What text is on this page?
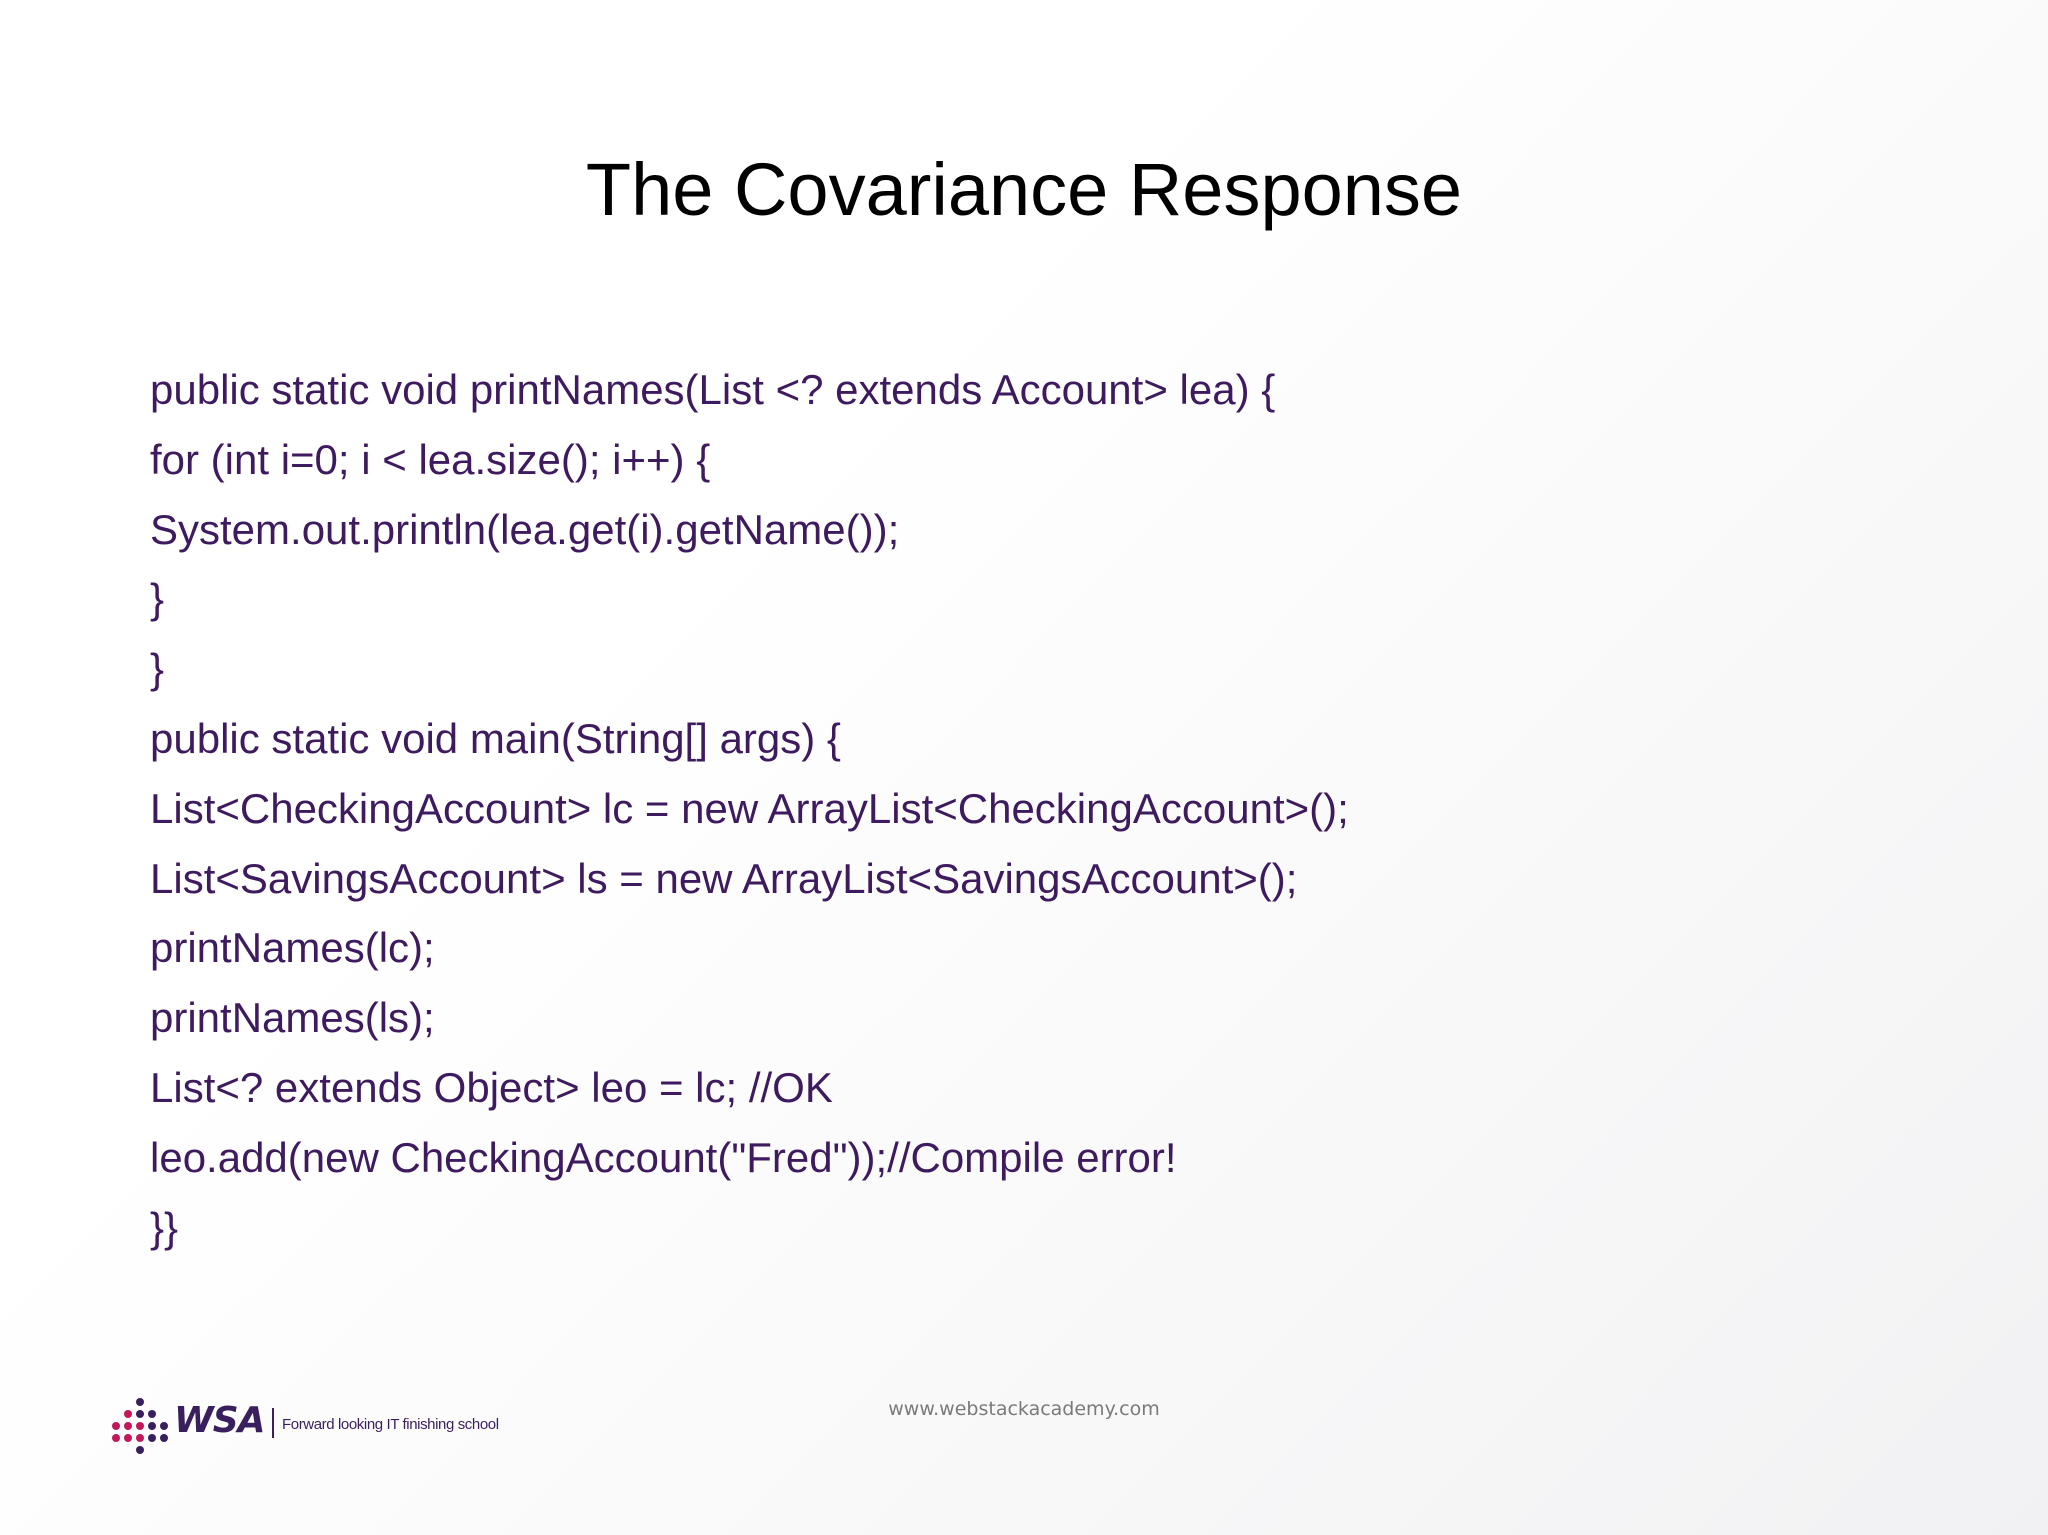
The Covariance Response
public static void printNames(List <? extends Account> lea) {
for (int i=0; i < lea.size(); i++) {
System.out.println(lea.get(i).getName());
}
}
public static void main(String[] args) {
List<CheckingAccount> lc = new ArrayList<CheckingAccount>();
List<SavingsAccount> ls = new ArrayList<SavingsAccount>();
printNames(lc);
printNames(ls);
List<? extends Object> leo = lc; //OK
leo.add(new CheckingAccount("Fred"));//Compile error!
}}
WSA Forward looking IT finishing school
www.webstackacademy.com
